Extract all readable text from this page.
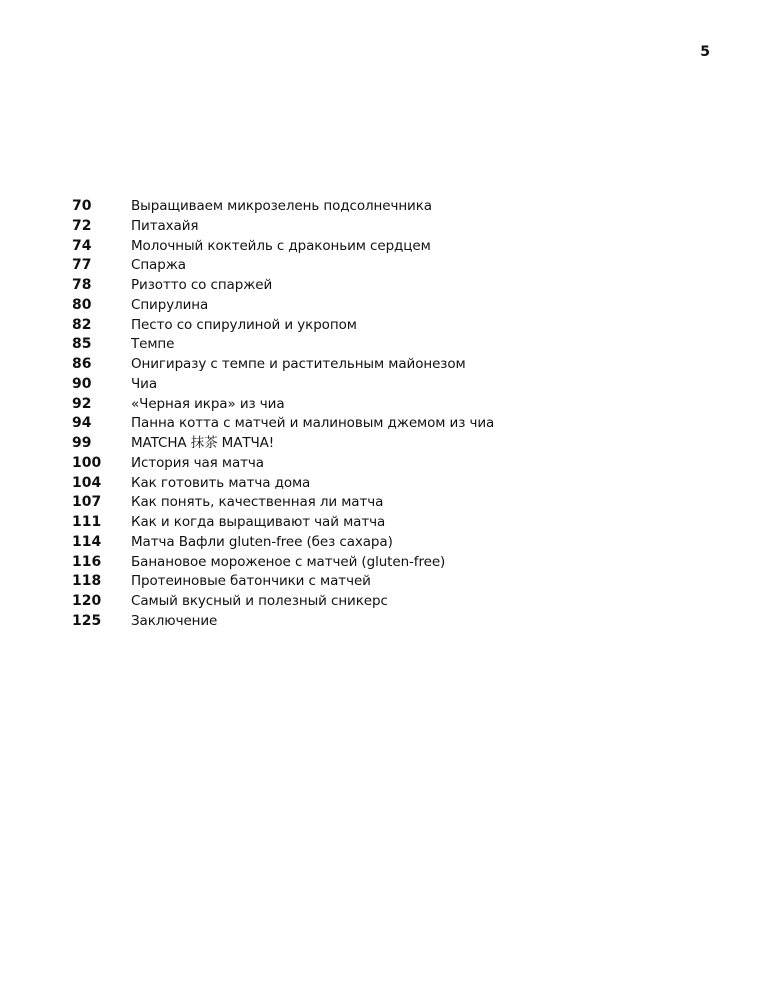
5
70	Выращиваем микрозелень подсолнечника
72	Питахайя
74	Молочный коктейль с драконьим сердцем
77	Спаржа
78	Ризотто со спаржей
80	Спирулина
82	Песто со спирулиной и укропом
85	Темпе
86	Онигиразу с темпе и растительным майонезом
90	Чиа
92	«Черная икра» из чиа
94	Панна котта с матчей и малиновым джемом из чиа
99	MATCHA 抹茶 МАТЧА!
100	История чая матча
104	Как готовить матча дома
107	Как понять, качественная ли матча
111	Как и когда выращивают чай матча
114	Матча Вафли gluten-free (без сахара)
116	Банановое мороженое с матчей (gluten-free)
118	Протеиновые батончики с матчей
120	Самый вкусный и полезный сникерс
125	Заключение
